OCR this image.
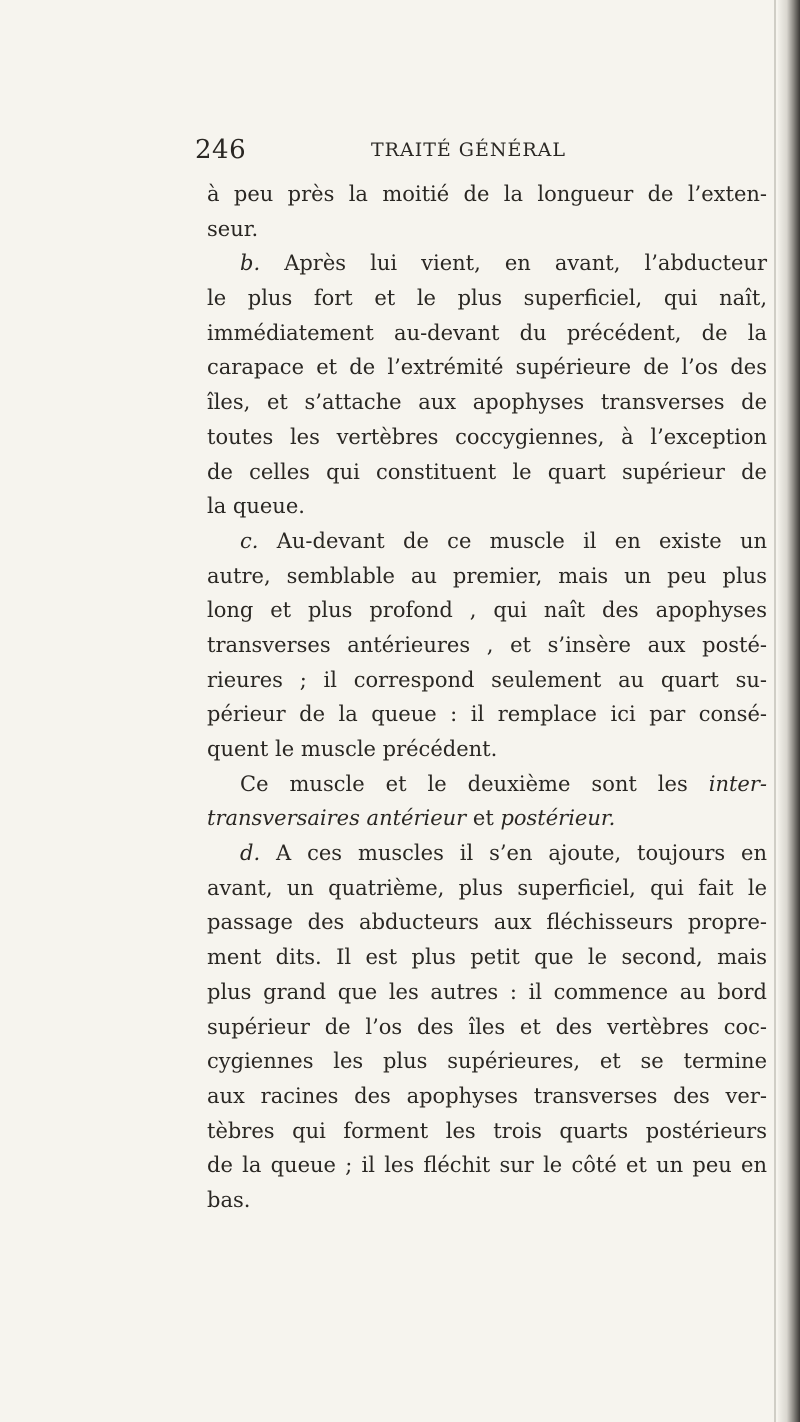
246	TRAITÉ GÉNÉRAL
à peu près la moitié de la longueur de l’exten-
seur.
b. Après lui vient, en avant, l’abducteur
le plus fort et le plus superficiel, qui naît,
immédiatement au-devant du précédent, de la
carapace et de l’extrémité supérieure de l’os des
îles, et s’attache aux apophyses transverses de
toutes les vertèbres coccygiennes, à l’exception
de celles qui constituent le quart supérieur de
la queue.
c. Au-devant de ce muscle il en existe un
autre, semblable au premier, mais un peu plus
long et plus profond , qui naît des apophyses
transverses antérieures , et s’insère aux posté-
rieures ; il correspond seulement au quart su-
périeur de la queue : il remplace ici par consé-
quent le muscle précédent.
Ce muscle et le deuxième sont les inter-
transversaires antérieur et postérieur.
d. A ces muscles il s’en ajoute, toujours en
avant, un quatrième, plus superficiel, qui fait le
passage des abducteurs aux fléchisseurs propre-
ment dits. Il est plus petit que le second, mais
plus grand que les autres : il commence au bord
supérieur de l’os des îles et des vertèbres coc-
cygiennes les plus supérieures, et se termine
aux racines des apophyses transverses des ver-
tèbres qui forment les trois quarts postérieurs
de la queue ; il les fléchit sur le côté et un peu en
bas.
